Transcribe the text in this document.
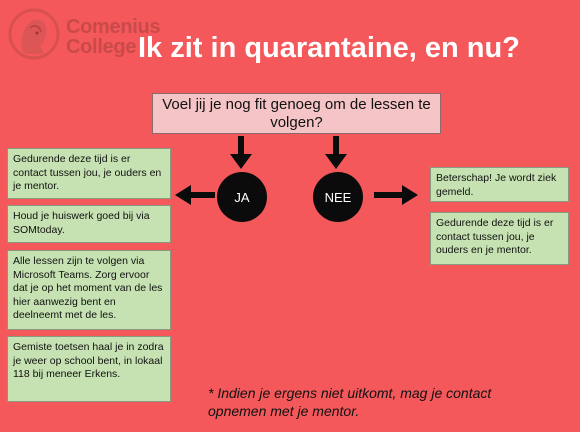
Comenius
College Ik zit in quarantaine, en nu?
Voel jij je nog fit genoeg om de lessen te volgen?
JA	NEE
Gedurende deze tijd is er contact tussen jou, je ouders en je mentor.
Houd je huiswerk goed bij via SOMtoday.
Alle lessen zijn te volgen via Microsoft Teams. Zorg ervoor dat je op het moment van de les hier aanwezig bent en deelneemt met de les.
Gemiste toetsen haal je in zodra je weer op school bent, in lokaal 118 bij meneer Erkens.
Beterschap! Je wordt ziek gemeld.
Gedurende deze tijd is er contact tussen jou, je ouders en je mentor.
* Indien je ergens niet uitkomt, mag je contact opnemen met je mentor.
